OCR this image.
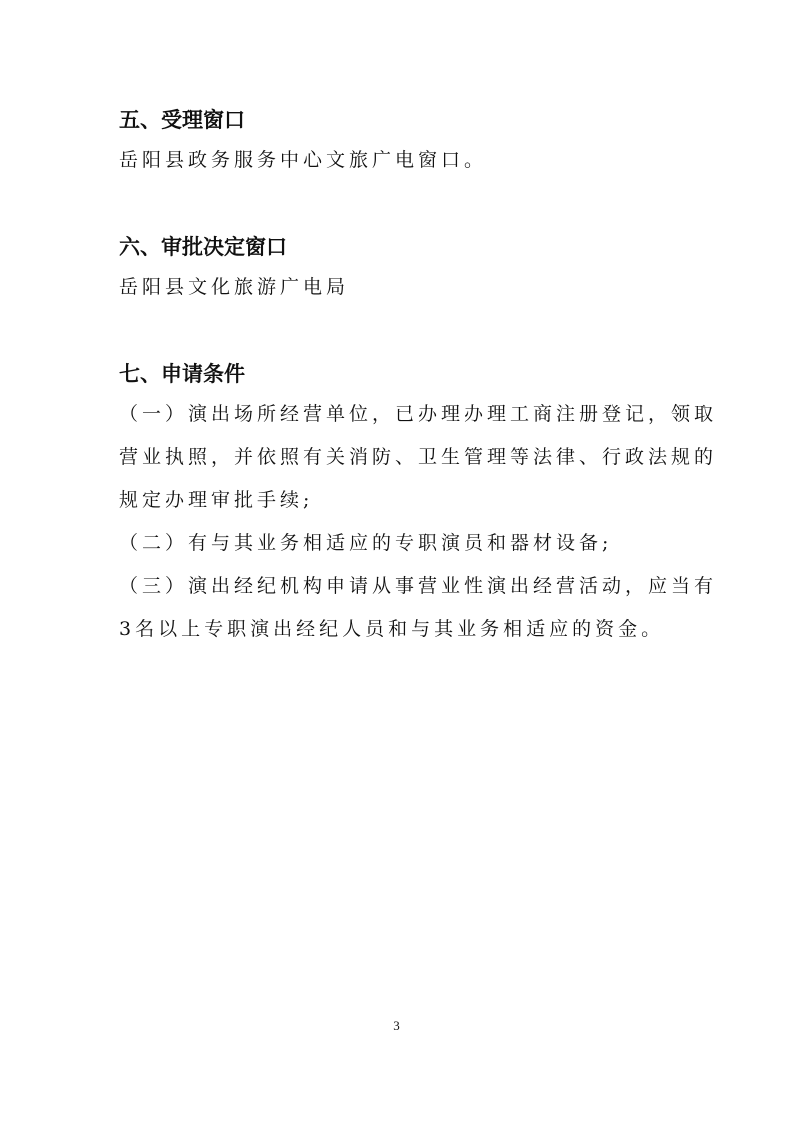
五、受理窗口

岳阳县政务服务中心文旅广电窗口。

六、审批决定窗口

岳阳县文化旅游广电局

七、申请条件

（一）演出场所经营单位，已办理办理工商注册登记，领取

营业执照，并依照有关消防、卫生管理等法律、行政法规的

规定办理审批手续;

（二）有与其业务相适应的专职演员和器材设备;

（三）演出经纪机构申请从事营业性演出经营活动，应当有

3名以上专职演出经纪人员和与其业务相适应的资金。

3
